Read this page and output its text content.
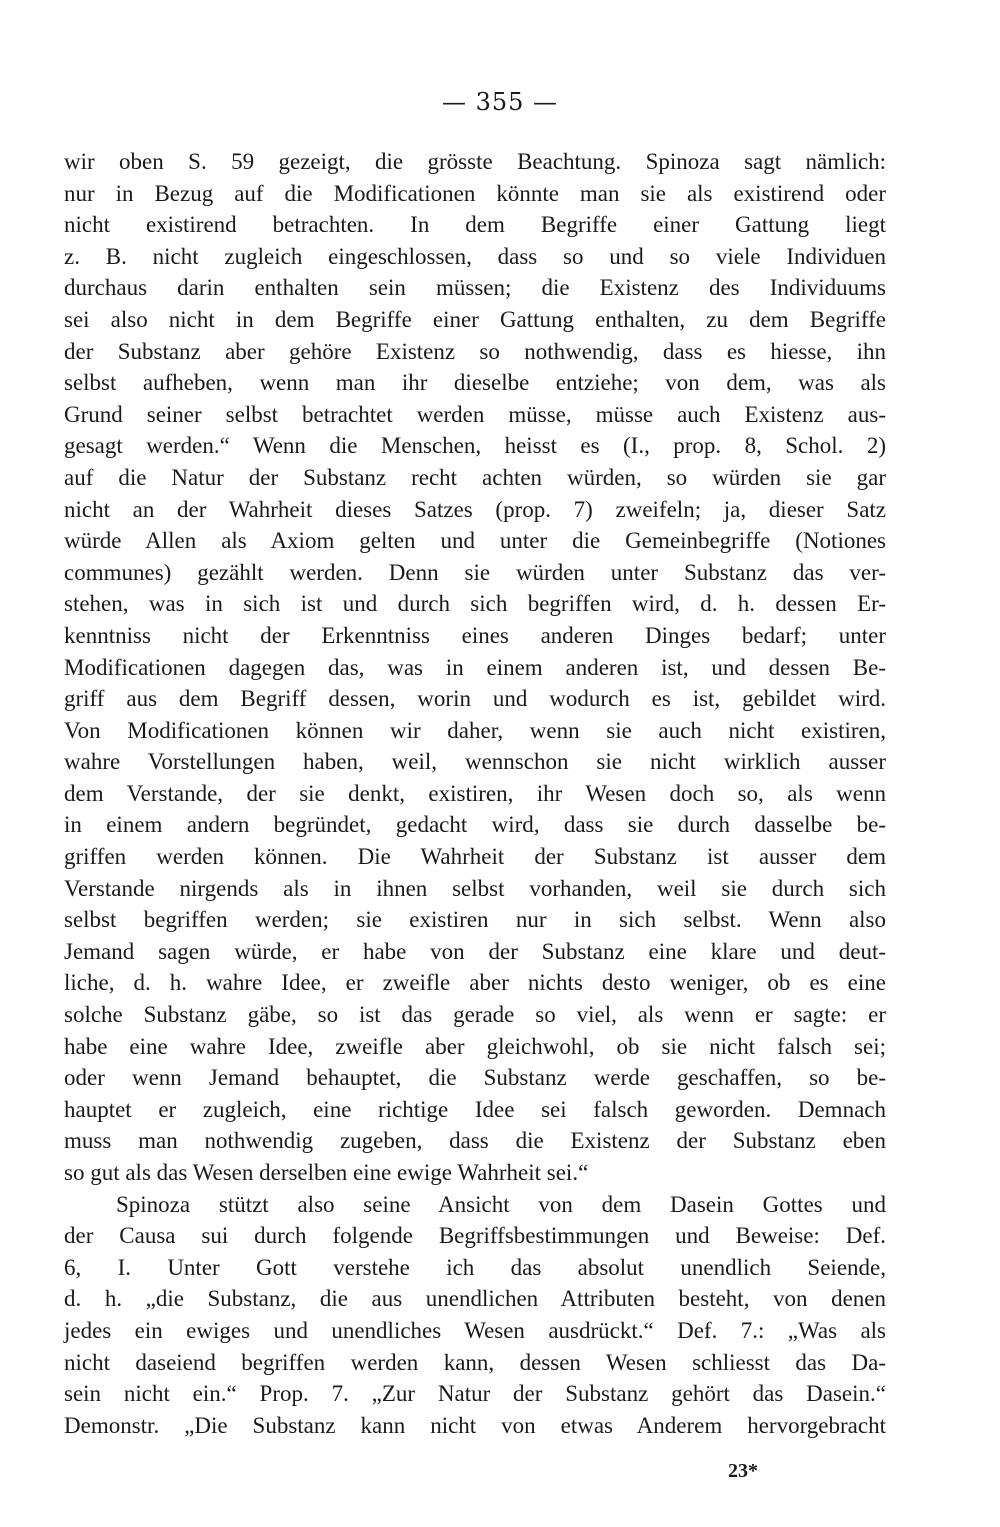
— 355 —
wir oben S. 59 gezeigt, die grösste Beachtung. Spinoza sagt nämlich:
nur in Bezug auf die Modificationen könnte man sie als existirend oder
nicht existirend betrachten. In dem Begriffe einer Gattung liegt
z. B. nicht zugleich eingeschlossen, dass so und so viele Individuen
durchaus darin enthalten sein müssen; die Existenz des Individuums
sei also nicht in dem Begriffe einer Gattung enthalten, zu dem Begriffe
der Substanz aber gehöre Existenz so nothwendig, dass es hiesse, ihn
selbst aufheben, wenn man ihr dieselbe entziehe; von dem, was als
Grund seiner selbst betrachtet werden müsse, müsse auch Existenz aus-
gesagt werden.“ Wenn die Menschen, heisst es (I., prop. 8, Schol. 2)
auf die Natur der Substanz recht achten würden, so würden sie gar
nicht an der Wahrheit dieses Satzes (prop. 7) zweifeln; ja, dieser Satz
würde Allen als Axiom gelten und unter die Gemeinbegriffe (Notiones
communes) gezählt werden. Denn sie würden unter Substanz das ver-
stehen, was in sich ist und durch sich begriffen wird, d. h. dessen Er-
kenntniss nicht der Erkenntniss eines anderen Dinges bedarf; unter
Modificationen dagegen das, was in einem anderen ist, und dessen Be-
griff aus dem Begriff dessen, worin und wodurch es ist, gebildet wird.
Von Modificationen können wir daher, wenn sie auch nicht existiren,
wahre Vorstellungen haben, weil, wennschon sie nicht wirklich ausser
dem Verstande, der sie denkt, existiren, ihr Wesen doch so, als wenn
in einem andern begründet, gedacht wird, dass sie durch dasselbe be-
griffen werden können. Die Wahrheit der Substanz ist ausser dem
Verstande nirgends als in ihnen selbst vorhanden, weil sie durch sich
selbst begriffen werden; sie existiren nur in sich selbst. Wenn also
Jemand sagen würde, er habe von der Substanz eine klare und deut-
liche, d. h. wahre Idee, er zweifle aber nichts desto weniger, ob es eine
solche Substanz gäbe, so ist das gerade so viel, als wenn er sagte: er
habe eine wahre Idee, zweifle aber gleichwohl, ob sie nicht falsch sei;
oder wenn Jemand behauptet, die Substanz werde geschaffen, so be-
hauptet er zugleich, eine richtige Idee sei falsch geworden. Demnach
muss man nothwendig zugeben, dass die Existenz der Substanz eben
so gut als das Wesen derselben eine ewige Wahrheit sei.“
Spinoza stützt also seine Ansicht von dem Dasein Gottes und
der Causa sui durch folgende Begriffsbestimmungen und Beweise: Def.
6, I. Unter Gott verstehe ich das absolut unendlich Seiende,
d. h. „die Substanz, die aus unendlichen Attributen besteht, von denen
jedes ein ewiges und unendliches Wesen ausdrückt.“ Def. 7.: „Was als
nicht daseiend begriffen werden kann, dessen Wesen schliesst das Da-
sein nicht ein.“ Prop. 7. „Zur Natur der Substanz gehört das Dasein.“
Demonstr. „Die Substanz kann nicht von etwas Anderem hervorgebracht
23*
